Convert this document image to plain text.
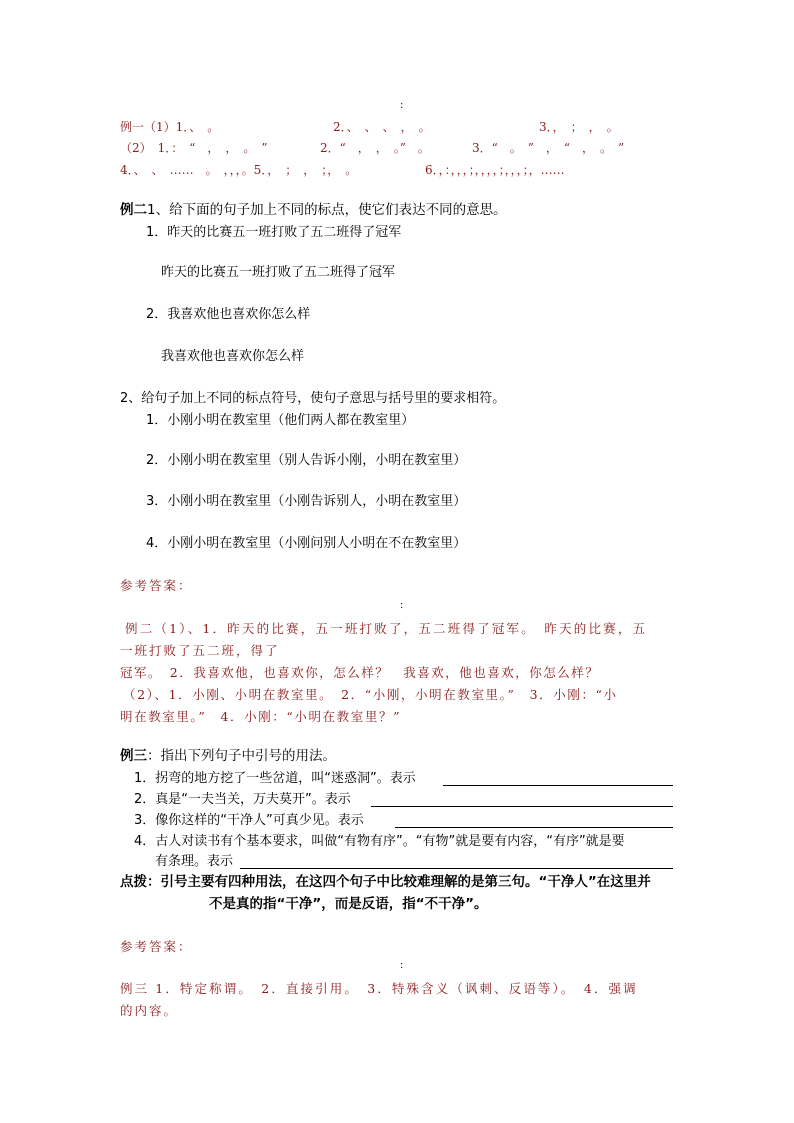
:
例一（1）1．、　。	2．、　、　、　，　。	3．，　；　，　。
（2）　1．：　“　，　，　。　”	2．“　，　，　。”　。	3．“　。　”　，　“　，　。　”
4．、　、　……　。　，，，。5．，　；　，　；，　。	6．，：，，，；，，，，；，，，；，……
例二1、给下面的句子加上不同的标点，使它们表达不同的意思。
1．昨天的比赛五一班打败了五二班得了冠军
昨天的比赛五一班打败了五二班得了冠军
2．我喜欢他也喜欢你怎么样
我喜欢他也喜欢你怎么样
2、给句子加上不同的标点符号，使句子意思与括号里的要求相符。
1．小刚小明在教室里（他们两人都在教室里）
2．小刚小明在教室里（别人告诉小刚，小明在教室里）
3．小刚小明在教室里（小刚告诉别人，小明在教室里）
4．小刚小明在教室里（小刚问别人小明在不在教室里）
参考答案：
:
例二（1）、1．昨天的比赛，五一班打败了，五二班得了冠军。　昨天的比赛，五
一班打败了五二班，得了
冠军。　2．我喜欢他，也喜欢你，怎么样？　我喜欢，他也喜欢，你怎么样？
（2）、1．小刚、小明在教室里。　2．“小刚，小明在教室里。”　3．小刚：“小
明在教室里。”　4．小刚：“小明在教室里？”
例三：指出下列句子中引号的用法。
1．拐弯的地方挖了一些岔道，叫“迷惑洞”。表示
2．真是“一夫当关，万夫莫开”。表示
3．像你这样的“干净人”可真少见。表示
4．古人对读书有个基本要求，叫做“有物有序”。“有物”就是要有内容，“有序”就是要
有条理。表示
点拨：引号主要有四种用法，在这四个句子中比较难理解的是第三句。“干净人”在这里并
不是真的指“干净”，而是反语，指“不干净”。
参考答案：
:
例三 1．特定称谓。　2．直接引用。　3．特殊含义（讽刺、反语等）。　4．强调
的内容。
